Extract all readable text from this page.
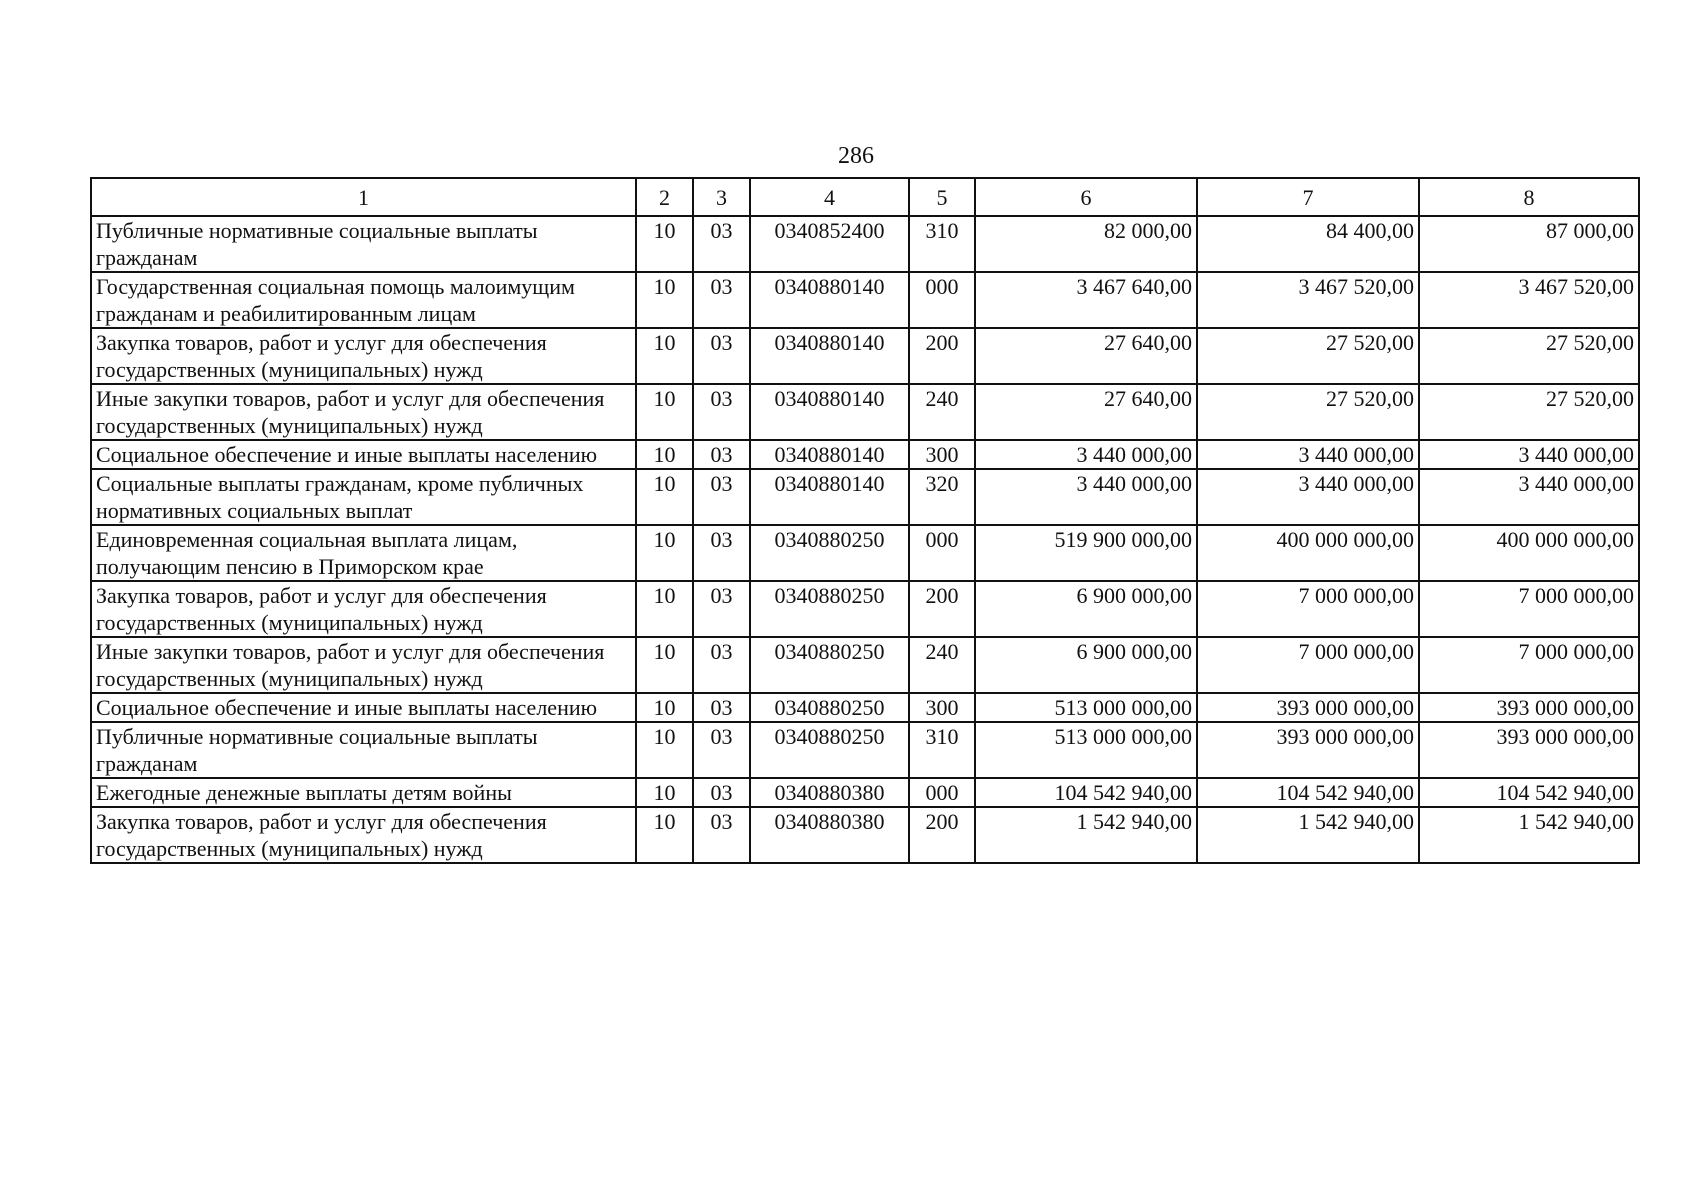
286
1	2	3	4	5	6	7	8
Публичные нормативные социальные выплаты гражданам	10	03	0340852400	310	82 000,00	84 400,00	87 000,00
Государственная социальная помощь малоимущим гражданам и реабилитированным лицам	10	03	0340880140	000	3 467 640,00	3 467 520,00	3 467 520,00
Закупка товаров, работ и услуг для обеспечения государственных (муниципальных) нужд	10	03	0340880140	200	27 640,00	27 520,00	27 520,00
Иные закупки товаров, работ и услуг для обеспечения государственных (муниципальных) нужд	10	03	0340880140	240	27 640,00	27 520,00	27 520,00
Социальное обеспечение и иные выплаты населению	10	03	0340880140	300	3 440 000,00	3 440 000,00	3 440 000,00
Социальные выплаты гражданам, кроме публичных нормативных социальных выплат	10	03	0340880140	320	3 440 000,00	3 440 000,00	3 440 000,00
Единовременная социальная выплата лицам, получающим пенсию в Приморском крае	10	03	0340880250	000	519 900 000,00	400 000 000,00	400 000 000,00
Закупка товаров, работ и услуг для обеспечения государственных (муниципальных) нужд	10	03	0340880250	200	6 900 000,00	7 000 000,00	7 000 000,00
Иные закупки товаров, работ и услуг для обеспечения государственных (муниципальных) нужд	10	03	0340880250	240	6 900 000,00	7 000 000,00	7 000 000,00
Социальное обеспечение и иные выплаты населению	10	03	0340880250	300	513 000 000,00	393 000 000,00	393 000 000,00
Публичные нормативные социальные выплаты гражданам	10	03	0340880250	310	513 000 000,00	393 000 000,00	393 000 000,00
Ежегодные денежные выплаты детям войны	10	03	0340880380	000	104 542 940,00	104 542 940,00	104 542 940,00
Закупка товаров, работ и услуг для обеспечения государственных (муниципальных) нужд	10	03	0340880380	200	1 542 940,00	1 542 940,00	1 542 940,00
